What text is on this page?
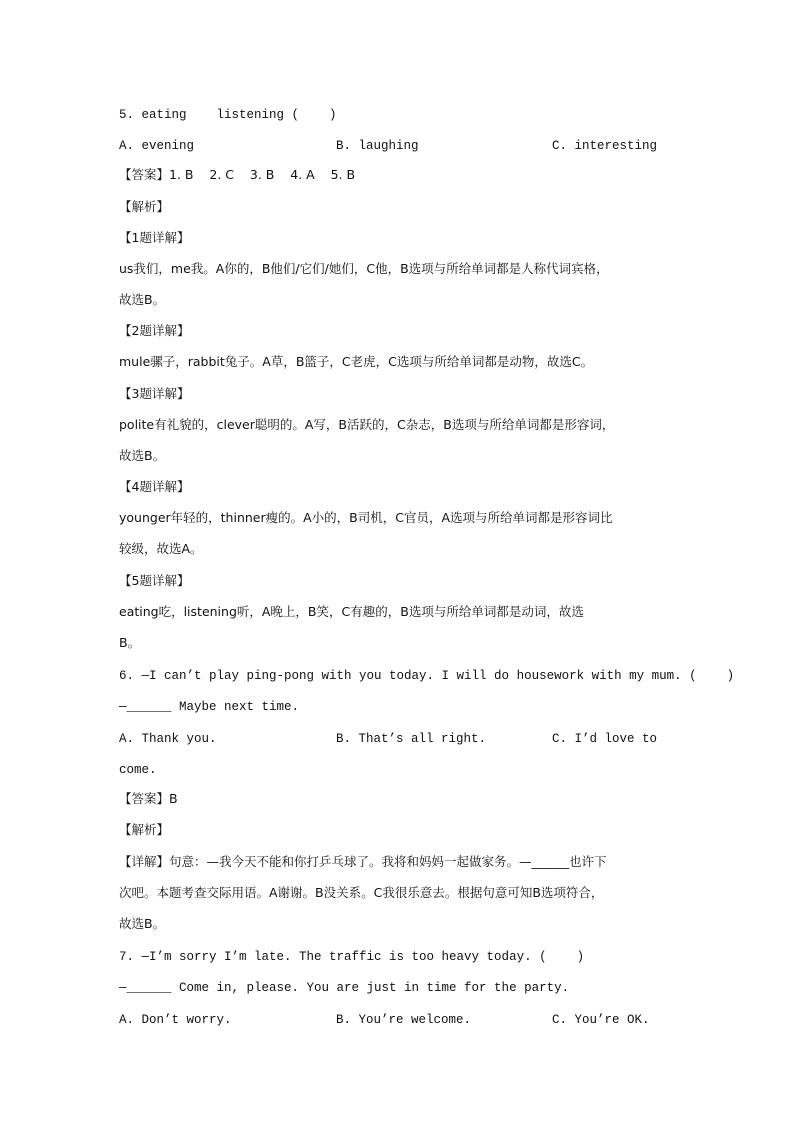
5. eating    listening (    )
A. evening	B. laughing	C. interesting
【答案】1. B    2. C    3. B    4. A    5. B
【解析】
【1题详解】
us我们，me我。A你的，B他们/它们/她们，C他，B选项与所给单词都是人称代词宾格，
故选B。
【2题详解】
mule骡子，rabbit兔子。A草，B篮子，C老虎，C选项与所给单词都是动物，故选C。
【3题详解】
polite有礼貌的，clever聪明的。A写，B活跃的，C杂志，B选项与所给单词都是形容词，
故选B。
【4题详解】
younger年轻的，thinner瘦的。A小的，B司机，C官员，A选项与所给单词都是形容词比
较级，故选A。
【5题详解】
eating吃，listening听，A晚上，B笑，C有趣的，B选项与所给单词都是动词，故选
B。
6. —I can’t play ping-pong with you today. I will do housework with my mum. (    )
—______ Maybe next time.
A. Thank you.	B. That’s all right.	C. I’d love to
come.
【答案】B
【解析】
【详解】句意：—我今天不能和你打乒乓球了。我将和妈妈一起做家务。—______也许下
次吧。本题考查交际用语。A谢谢。B没关系。C我很乐意去。根据句意可知B选项符合，
故选B。
7. —I’m sorry I’m late. The traffic is too heavy today. (    )
—______ Come in, please. You are just in time for the party.
A. Don’t worry.	B. You’re welcome.	C. You’re OK.
